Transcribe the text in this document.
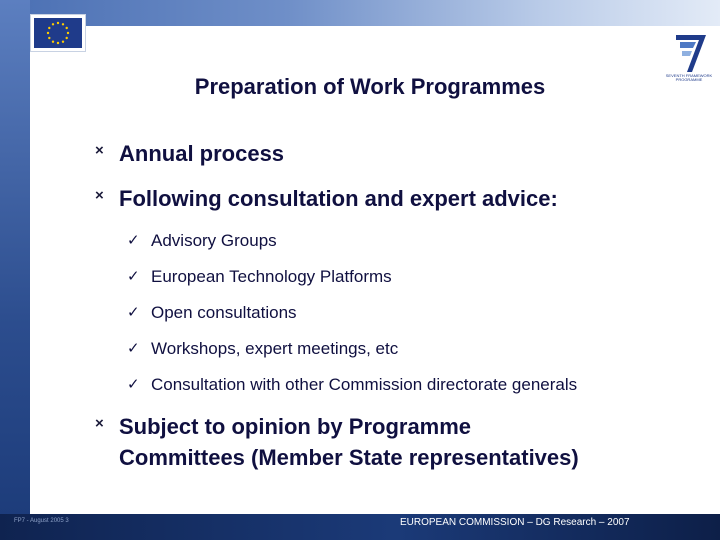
SEVENTH FRAMEWORK PROGRAMME
Preparation of Work Programmes
× Annual process
× Following consultation and expert advice:
✓ Advisory Groups
✓ European Technology Platforms
✓ Open consultations
✓ Workshops, expert meetings, etc
✓ Consultation with other Commission directorate generals
× Subject to opinion by Programme
Committees (Member State representatives)
FP7 - August 2005 3	EUROPEAN COMMISSION – DG Research – 2007
